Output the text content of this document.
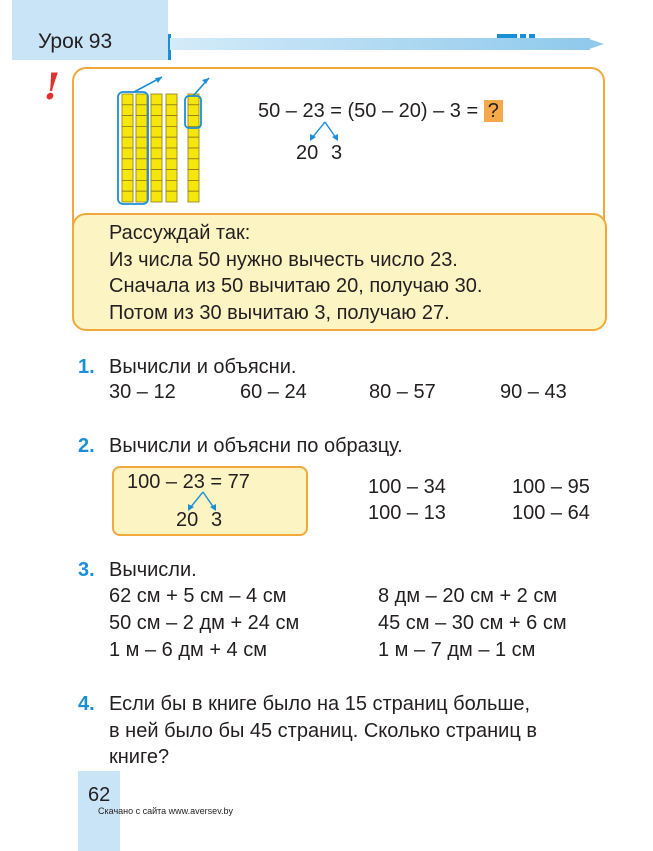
Урок 93
!
50 – 23 = (50 – 20) – 3 = ?
20 3
Рассуждай так:
Из числа 50 нужно вычесть число 23.
Сначала из 50 вычитаю 20, получаю 30.
Потом из 30 вычитаю 3, получаю 27.
1. Вычисли и объясни.
30 – 12	60 – 24	80 – 57	90 – 43
2. Вычисли и объясни по образцу.
100 – 23 = 77
20 3
100 – 34	100 – 95
100 – 13	100 – 64
3. Вычисли.
62 см + 5 см – 4 см	8 дм – 20 см + 2 см
50 см – 2 дм + 24 см	45 см – 30 см + 6 см
1 м – 6 дм + 4 см	1 м – 7 дм – 1 см
4. Если бы в книге было на 15 страниц больше,
в ней было бы 45 страниц. Сколько страниц в
книге?
62
Скачано с сайта www.aversev.by
